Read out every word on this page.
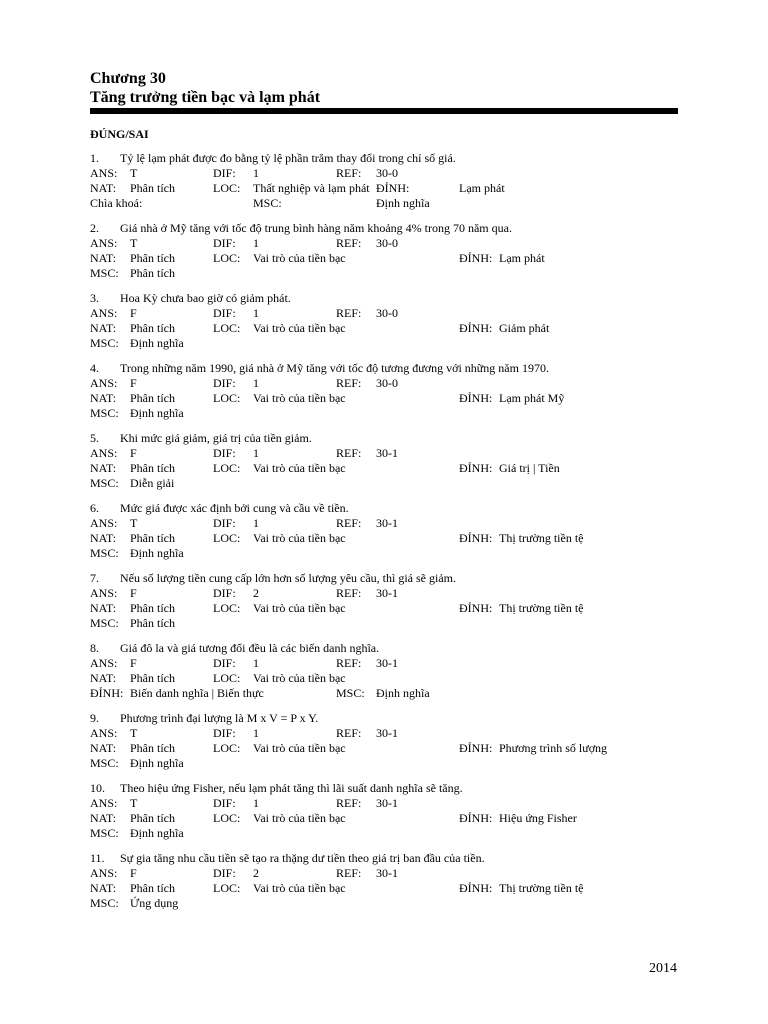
Chương 30
Tăng trưởng tiền bạc và lạm phát
ĐÚNG/SAI
1. Tỷ lệ lạm phát được đo bằng tỷ lệ phần trăm thay đổi trong chỉ số giá.
ANS: T	DIF: 1	REF: 30-0
NAT: Phân tích	LOC: Thất nghiệp và lạm phát ĐỈNH:	Lạm phát
Chìa khoá:	MSC:	Định nghĩa
2. Giá nhà ở Mỹ tăng với tốc độ trung bình hàng năm khoảng 4% trong 70 năm qua.
ANS: T	DIF: 1	REF: 30-0
NAT: Phân tích	LOC: Vai trò của tiền bạc	ĐỈNH: Lạm phát
MSC: Phân tích
3. Hoa Kỳ chưa bao giờ có giảm phát.
ANS: F	DIF: 1	REF: 30-0
NAT: Phân tích	LOC: Vai trò của tiền bạc	ĐỈNH: Giảm phát
MSC: Định nghĩa
4. Trong những năm 1990, giá nhà ở Mỹ tăng với tốc độ tương đương với những năm 1970.
ANS: F	DIF: 1	REF: 30-0
NAT: Phân tích	LOC: Vai trò của tiền bạc	ĐỈNH: Lạm phát Mỹ
MSC: Định nghĩa
5. Khi mức giá giảm, giá trị của tiền giảm.
ANS: F	DIF: 1	REF: 30-1
NAT: Phân tích	LOC: Vai trò của tiền bạc	ĐỈNH: Giá trị | Tiền
MSC: Diễn giải
6. Mức giá được xác định bởi cung và cầu về tiền.
ANS: T	DIF: 1	REF: 30-1
NAT: Phân tích	LOC: Vai trò của tiền bạc	ĐỈNH: Thị trường tiền tệ
MSC: Định nghĩa
7. Nếu số lượng tiền cung cấp lớn hơn số lượng yêu cầu, thì giá sẽ giảm.
ANS: F	DIF: 2	REF: 30-1
NAT: Phân tích	LOC: Vai trò của tiền bạc	ĐỈNH: Thị trường tiền tệ
MSC: Phân tích
8. Giá đô la và giá tương đối đều là các biến danh nghĩa.
ANS: F	DIF: 1	REF: 30-1
NAT: Phân tích	LOC: Vai trò của tiền bạc
ĐỈNH: Biến danh nghĩa | Biến thực	MSC: Định nghĩa
9. Phương trình đại lượng là M x V = P x Y.
ANS: T	DIF: 1	REF: 30-1
NAT: Phân tích	LOC: Vai trò của tiền bạc	ĐỈNH: Phương trình số lượng
MSC: Định nghĩa
10. Theo hiệu ứng Fisher, nếu lạm phát tăng thì lãi suất danh nghĩa sẽ tăng.
ANS: T	DIF: 1	REF: 30-1
NAT: Phân tích	LOC: Vai trò của tiền bạc	ĐỈNH: Hiệu ứng Fisher
MSC: Định nghĩa
11. Sự gia tăng nhu cầu tiền sẽ tạo ra thặng dư tiền theo giá trị ban đầu của tiền.
ANS: F	DIF: 2	REF: 30-1
NAT: Phân tích	LOC: Vai trò của tiền bạc	ĐỈNH: Thị trường tiền tệ
MSC: Ứng dụng
2014
